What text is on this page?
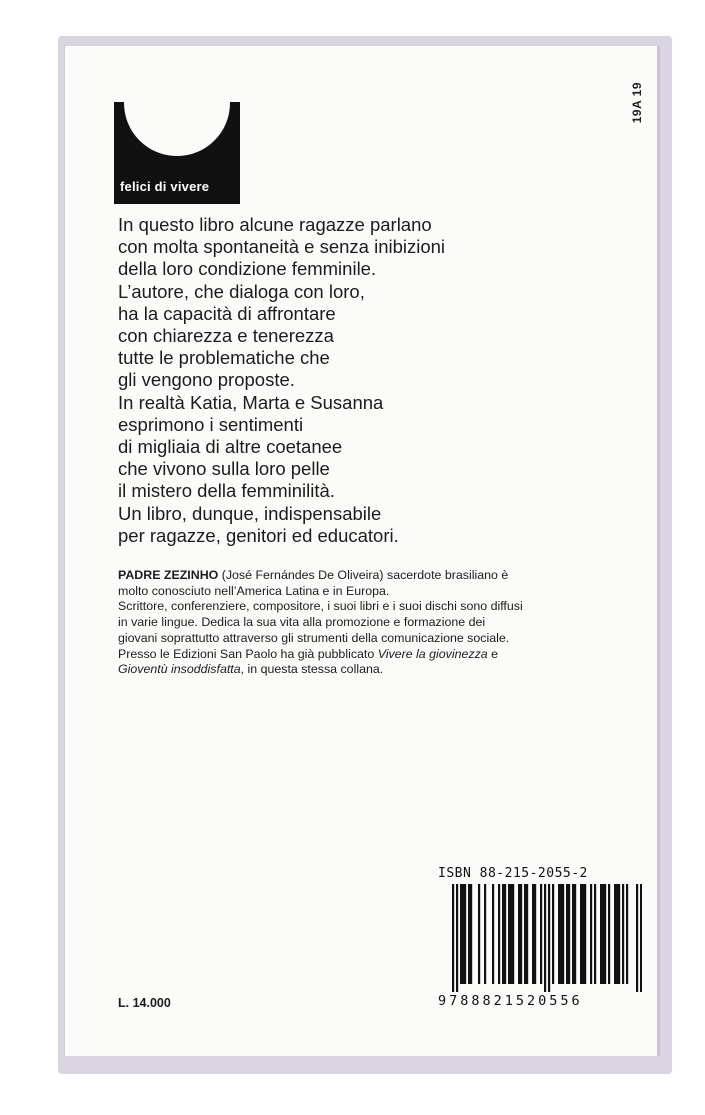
19A 19
felici di vivere
In questo libro alcune ragazze parlano
con molta spontaneità e senza inibizioni
della loro condizione femminile.
L’autore, che dialoga con loro,
ha la capacità di affrontare
con chiarezza e tenerezza
tutte le problematiche che
gli vengono proposte.
In realtà Katia, Marta e Susanna
esprimono i sentimenti
di migliaia di altre coetanee
che vivono sulla loro pelle
il mistero della femminilità.
Un libro, dunque, indispensabile
per ragazze, genitori ed educatori.
PADRE ZEZINHO (José Fernándes De Oliveira) sacerdote brasiliano è
molto conosciuto nell’America Latina e in Europa.
Scrittore, conferenziere, compositore, i suoi libri e i suoi dischi sono diffusi
in varie lingue. Dedica la sua vita alla promozione e formazione dei
giovani soprattutto attraverso gli strumenti della comunicazione sociale.
Presso le Edizioni San Paolo ha già pubblicato Vivere la giovinezza e
Gioventù insoddisfatta, in questa stessa collana.
ISBN 88-215-2055-2
9788821520556
L. 14.000
